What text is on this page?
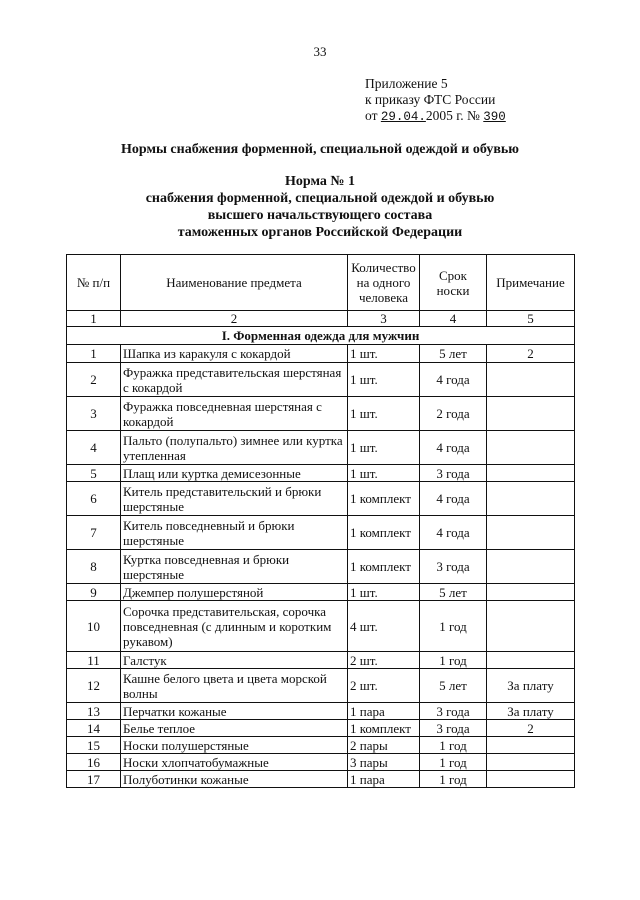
33
Приложение 5
к приказу ФТС России
от 29.04.2005 г. № 390
Нормы снабжения форменной, специальной одеждой и обувью
Норма № 1
снабжения форменной, специальной одеждой и обувью
высшего начальствующего состава
таможенных органов Российской Федерации
№ п/п	Наименование предмета	Количество на одного человека	Срок носки	Примечание
1	2	3	4	5
I. Форменная одежда для мужчин				
1	Шапка из каракуля с кокардой	1 шт.	5 лет	2
2	Фуражка представительская шерстяная с кокардой	1 шт.	4 года	
3	Фуражка повседневная шерстяная с кокардой	1 шт.	2 года	
4	Пальто (полупальто) зимнее или куртка утепленная	1 шт.	4 года	
5	Плащ или куртка демисезонные	1 шт.	3 года	
6	Китель представительский и брюки шерстяные	1 комплект	4 года	
7	Китель повседневный и брюки шерстяные	1 комплект	4 года	
8	Куртка повседневная и брюки шерстяные	1 комплект	3 года	
9	Джемпер полушерстяной	1 шт.	5 лет	
10	Сорочка представительская, сорочка повседневная (с длинным и коротким рукавом)	4 шт.	1 год	
11	Галстук	2 шт.	1 год	
12	Кашне белого цвета и цвета морской волны	2 шт.	5 лет	За плату
13	Перчатки кожаные	1 пара	3 года	За плату
14	Белье теплое	1 комплект	3 года	2
15	Носки полушерстяные	2 пары	1 год	
16	Носки хлопчатобумажные	3 пары	1 год	
17	Полуботинки кожаные	1 пара	1 год	
